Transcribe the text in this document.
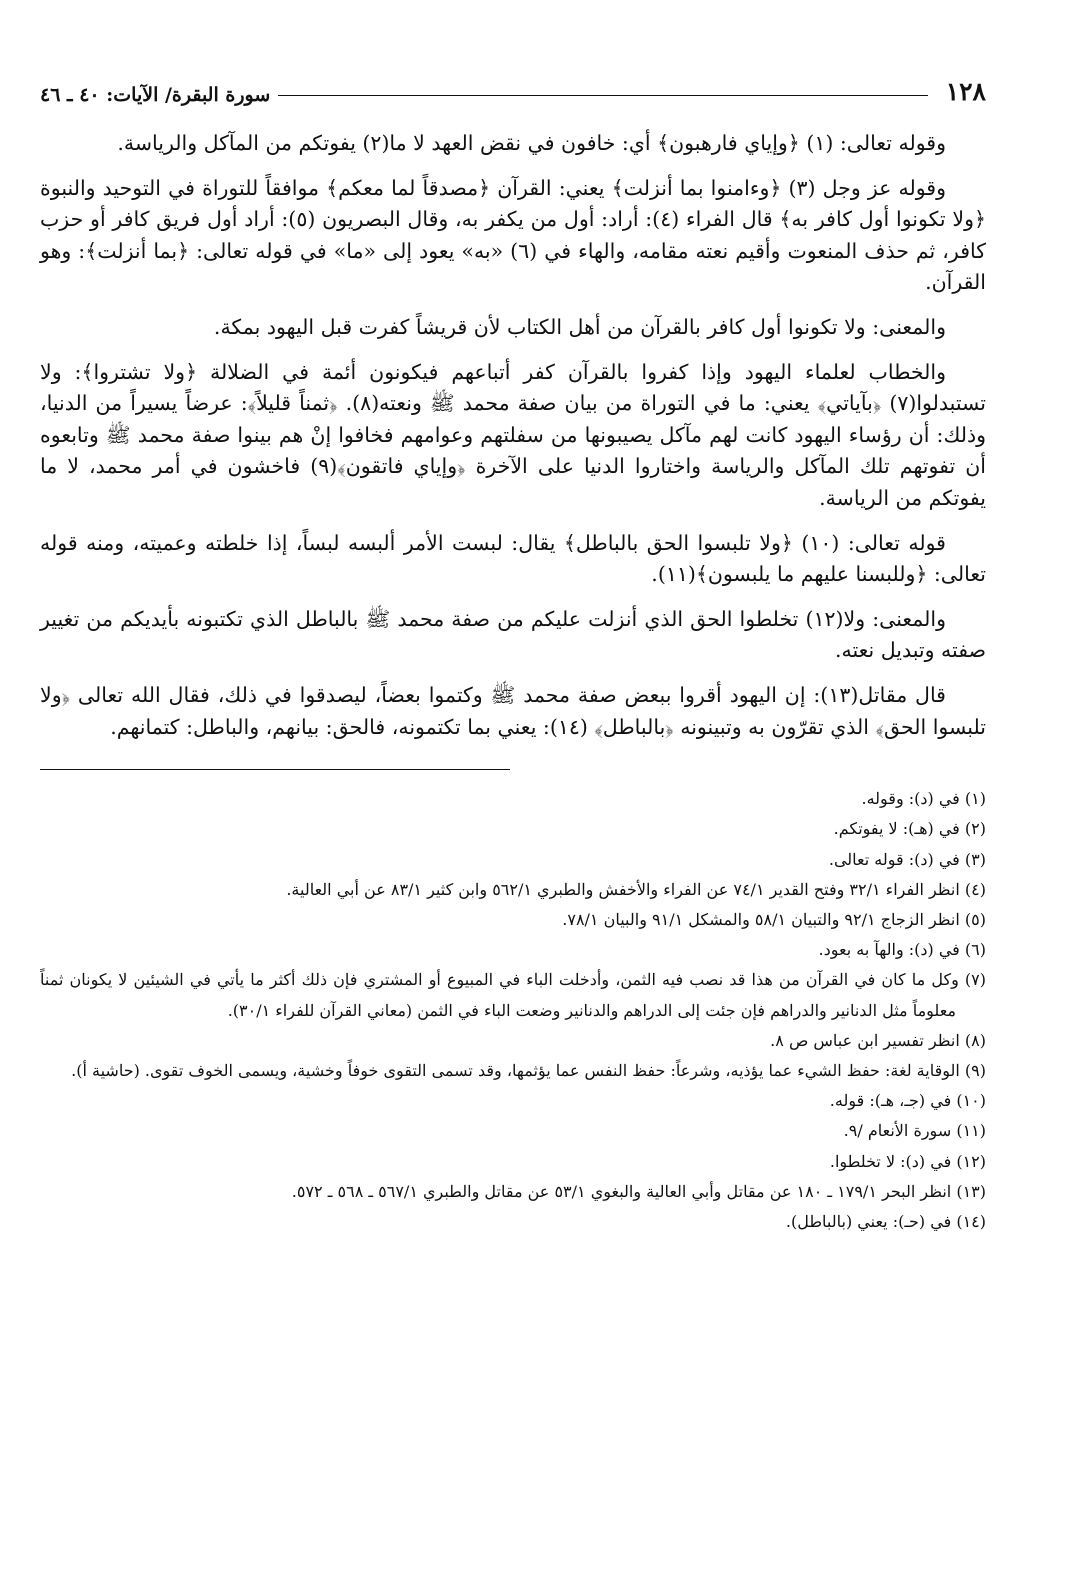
١٢٨
سورة البقرة/ الآيات: ٤٠ ـ ٤٦

وقوله تعالى: (١) ﴿وإياي فارهبون﴾ أي: خافون في نقض العهد لا ما(٢) يفوتكم من المآكل والرياسة.

وقوله عز وجل (٣) ﴿وءامنوا بما أنزلت﴾ يعني: القرآن ﴿مصدقاً لما معكم﴾ موافقاً للتوراة في التوحيد والنبوة ﴿ولا تكونوا أول كافر به﴾ قال الفراء (٤): أراد: أول من يكفر به، وقال البصريون (٥): أراد أول فريق كافر أو حزب كافر، ثم حذف المنعوت وأقيم نعته مقامه، والهاء في (٦) «به» يعود إلى «ما» في قوله تعالى: ﴿بما أنزلت﴾: وهو القرآن.

والمعنى: ولا تكونوا أول كافر بالقرآن من أهل الكتاب لأن قريشاً كفرت قبل اليهود بمكة.

والخطاب لعلماء اليهود وإذا كفروا بالقرآن كفر أتباعهم فيكونون أئمة في الضلالة ﴿ولا تشتروا﴾: ولا تستبدلوا(٧) ﴿بآياتي﴾ يعني: ما في التوراة من بيان صفة محمد ﷺ ونعته(٨). ﴿ثمناً قليلاً﴾: عرضاً يسيراً من الدنيا، وذلك: أن رؤساء اليهود كانت لهم مآكل يصيبونها من سفلتهم وعوامهم فخافوا إنْ هم بينوا صفة محمد ﷺ وتابعوه أن تفوتهم تلك المآكل والرياسة واختاروا الدنيا على الآخرة ﴿وإياي فاتقون﴾(٩) فاخشون في أمر محمد، لا ما يفوتكم من الرياسة.

قوله تعالى: (١٠) ﴿ولا تلبسوا الحق بالباطل﴾ يقال: لبست الأمر ألبسه لبساً، إذا خلطته وعميته، ومنه قوله تعالى: ﴿وللبسنا عليهم ما يلبسون﴾(١١).

والمعنى: ولا(١٢) تخلطوا الحق الذي أنزلت عليكم من صفة محمد ﷺ بالباطل الذي تكتبونه بأيديكم من تغيير صفته وتبديل نعته.

قال مقاتل(١٣): إن اليهود أقروا ببعض صفة محمد ﷺ وكتموا بعضاً، ليصدقوا في ذلك، فقال الله تعالى ﴿ولا تلبسوا الحق﴾ الذي تقرّون به وتبينونه ﴿بالباطل﴾ (١٤): يعني بما تكتمونه، فالحق: بيانهم، والباطل: كتمانهم.

(١) في (د): وقوله.

(٢) في (هـ): لا يفوتكم.

(٣) في (د): قوله تعالى.

(٤) انظر الفراء ٣٢/١ وفتح القدير ٧٤/١ عن الفراء والأخفش والطبري ٥٦٢/١ وابن كثير ٨٣/١ عن أبي العالية.

(٥) انظر الزجاج ٩٢/١ والتبيان ٥٨/١ والمشكل ٩١/١ والبيان ٧٨/١.

(٦) في (د): والهآ به بعود.

(٧) وكل ما كان في القرآن من هذا قد نصب فيه الثمن، وأدخلت الباء في المبيوع أو المشتري فإن ذلك أكثر ما يأتي في الشيئين لا يكونان ثمناً معلوماً مثل الدنانير والدراهم فإن جئت إلى الدراهم والدنانير وضعت الباء في الثمن (معاني القرآن للفراء ٣٠/١).

(٨) انظر تفسير ابن عباس ص ٨.

(٩) الوقاية لغة: حفظ الشيء عما يؤذيه، وشرعاً: حفظ النفس عما يؤثمها، وقد تسمى التقوى خوفاً وخشية، ويسمى الخوف تقوى. (حاشية أ).

(١٠) في (جـ، هـ): قوله.

(١١) سورة الأنعام /٩.

(١٢) في (د): لا تخلطوا.

(١٣) انظر البحر ١٧٩/١ ـ ١٨٠ عن مقاتل وأبي العالية والبغوي ٥٣/١ عن مقاتل والطبري ٥٦٧/١ ـ ٥٦٨ ـ ٥٧٢.

(١٤) في (حـ): يعني (بالباطل).
